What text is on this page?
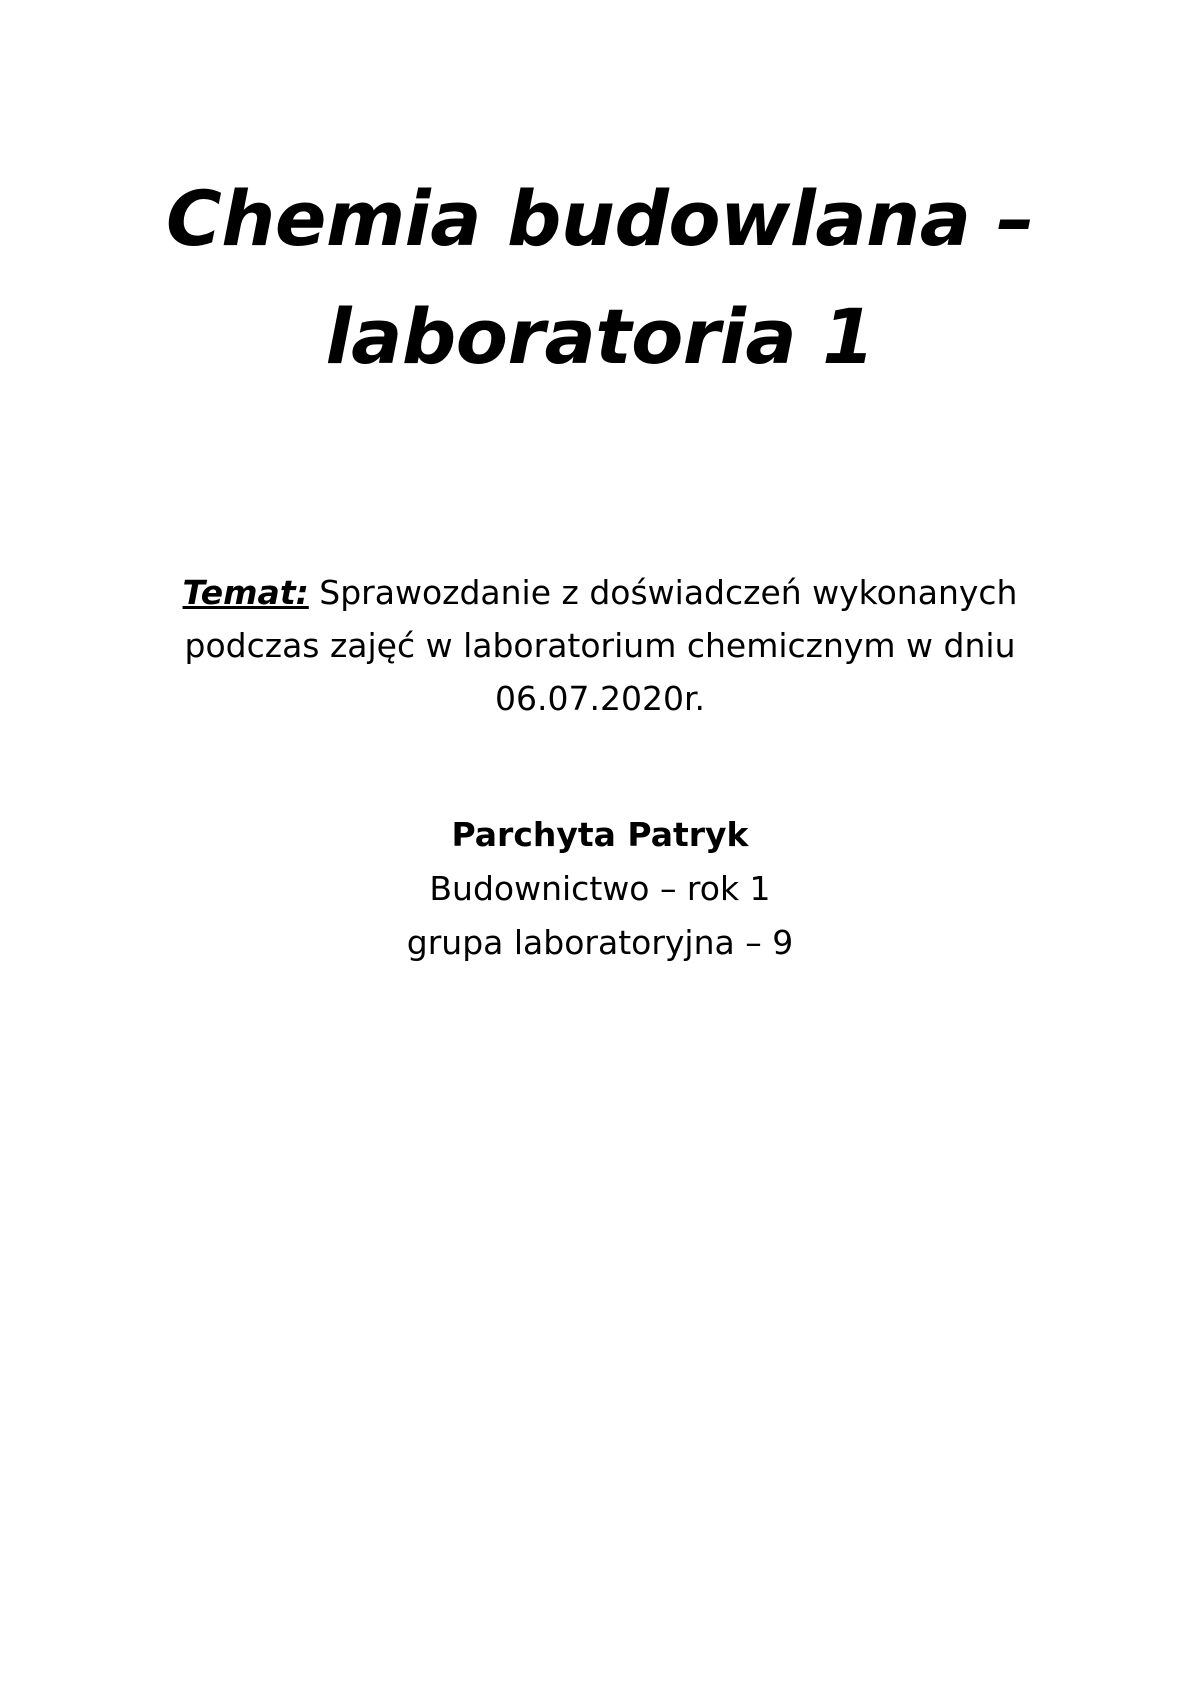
Chemia budowlana –
laboratoria 1

Temat: Sprawozdanie z doświadczeń wykonanych
podczas zajęć w laboratorium chemicznym w dniu
06.07.2020r.

Parchyta Patryk
Budownictwo – rok 1
grupa laboratoryjna – 9
